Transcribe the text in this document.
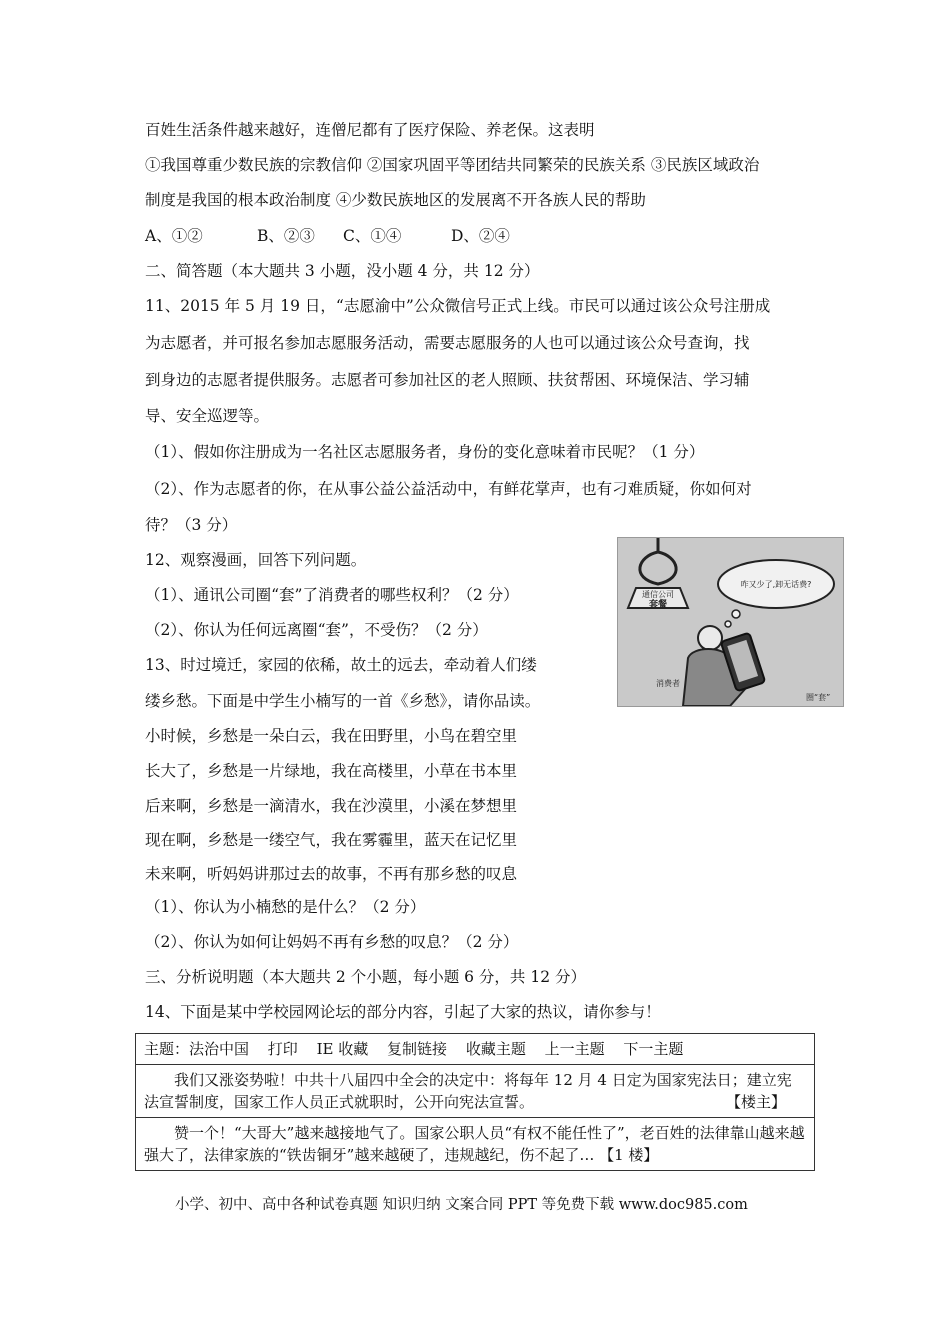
百姓生活条件越来越好，连僧尼都有了医疗保险、养老保。这表明
①我国尊重少数民族的宗教信仰 ②国家巩固平等团结共同繁荣的民族关系 ③民族区域政治
制度是我国的根本政治制度 ④少数民族地区的发展离不开各族人民的帮助
A、①②	B、②③ C、①④	D、②④
二、简答题（本大题共 3 小题，没小题 4 分，共 12 分）
11、2015 年 5 月 19 日，“志愿渝中”公众微信号正式上线。市民可以通过该公众号注册成
为志愿者，并可报名参加志愿服务活动，需要志愿服务的人也可以通过该公众号查询，找
到身边的志愿者提供服务。志愿者可参加社区的老人照顾、扶贫帮困、环境保洁、学习辅
导、安全巡逻等。
（1）、假如你注册成为一名社区志愿服务者，身份的变化意味着市民呢？（1 分）
（2）、作为志愿者的你，在从事公益公益活动中，有鲜花掌声，也有刁难质疑，你如何对
待？（3 分）
12、观察漫画，回答下列问题。
（1）、通讯公司圈“套”了消费者的哪些权利？（2 分）
（2）、你认为任何远离圈“套”，不受伤？（2 分）
通信公司
套餐
咋又少了,卸无话费?
消费者
圈“套”
13、时过境迁，家园的依稀，故土的远去，牵动着人们缕
缕乡愁。下面是中学生小楠写的一首《乡愁》，请你品读。
小时候，乡愁是一朵白云，我在田野里，小鸟在碧空里
长大了，乡愁是一片绿地，我在高楼里，小草在书本里
后来啊，乡愁是一滴清水，我在沙漠里，小溪在梦想里
现在啊，乡愁是一缕空气，我在雾霾里，蓝天在记忆里
未来啊，听妈妈讲那过去的故事，不再有那乡愁的叹息
（1）、你认为小楠愁的是什么？（2 分）
（2）、你认为如何让妈妈不再有乡愁的叹息？（2 分）
三、分析说明题（本大题共 2 个小题，每小题 6 分，共 12 分）
14、下面是某中学校园网论坛的部分内容，引起了大家的热议，请你参与！
主题：法治中国 打印 IE 收藏 复制链接 收藏主题 上一主题 下一主题
我们又涨姿势啦！中共十八届四中全会的决定中：将每年 12 月 4 日定为国家宪法日；建立宪法宣誓制度，国家工作人员正式就职时，公开向宪法宣誓。	【楼主】
赞一个！“大哥大”越来越接地气了。国家公职人员“有权不能任性了”，老百姓的法律靠山越来越强大了，法律家族的“铁齿铜牙”越来越硬了，违规越纪，伤不起了… 【1 楼】
小学、初中、高中各种试卷真题 知识归纳 文案合同 PPT 等免费下载 www.doc985.com
